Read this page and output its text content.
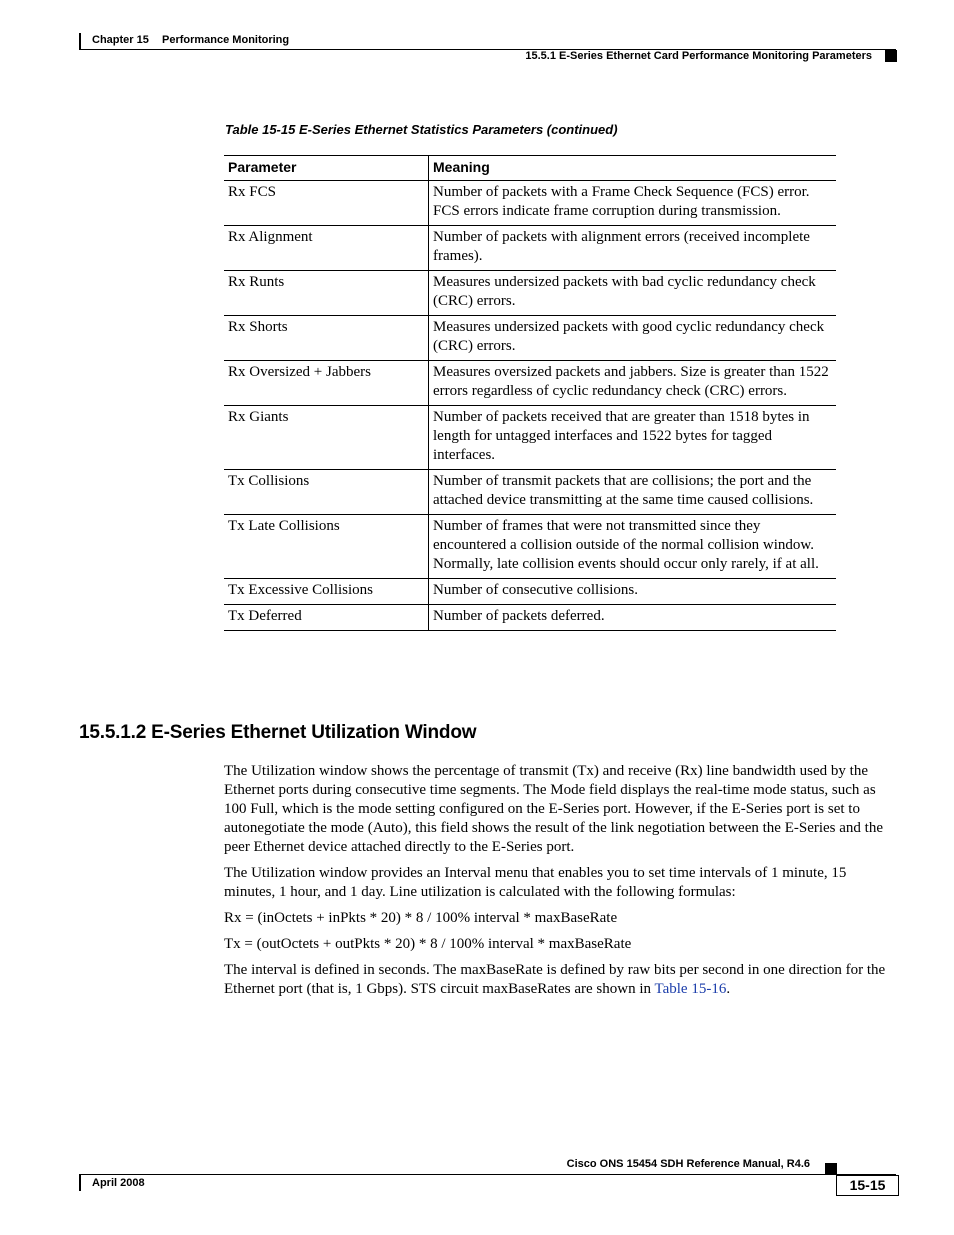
Chapter 15 Performance Monitoring
15.5.1 E-Series Ethernet Card Performance Monitoring Parameters
Table 15-15 E-Series Ethernet Statistics Parameters (continued)
Parameter	Meaning
Rx FCS	Number of packets with a Frame Check Sequence (FCS) error. FCS errors indicate frame corruption during transmission.
Rx Alignment	Number of packets with alignment errors (received incomplete frames).
Rx Runts	Measures undersized packets with bad cyclic redundancy check (CRC) errors.
Rx Shorts	Measures undersized packets with good cyclic redundancy check (CRC) errors.
Rx Oversized + Jabbers	Measures oversized packets and jabbers. Size is greater than 1522 errors regardless of cyclic redundancy check (CRC) errors.
Rx Giants	Number of packets received that are greater than 1518 bytes in length for untagged interfaces and 1522 bytes for tagged interfaces.
Tx Collisions	Number of transmit packets that are collisions; the port and the attached device transmitting at the same time caused collisions.
Tx Late Collisions	Number of frames that were not transmitted since they encountered a collision outside of the normal collision window. Normally, late collision events should occur only rarely, if at all.
Tx Excessive Collisions	Number of consecutive collisions.
Tx Deferred	Number of packets deferred.
15.5.1.2 E-Series Ethernet Utilization Window

The Utilization window shows the percentage of transmit (Tx) and receive (Rx) line bandwidth used by the Ethernet ports during consecutive time segments. The Mode field displays the real-time mode status, such as 100 Full, which is the mode setting configured on the E-Series port. However, if the E-Series port is set to autonegotiate the mode (Auto), this field shows the result of the link negotiation between the E-Series and the peer Ethernet device attached directly to the E-Series port.

The Utilization window provides an Interval menu that enables you to set time intervals of 1 minute, 15 minutes, 1 hour, and 1 day. Line utilization is calculated with the following formulas:

Rx = (inOctets + inPkts * 20) * 8 / 100% interval * maxBaseRate

Tx = (outOctets + outPkts * 20) * 8 / 100% interval * maxBaseRate

The interval is defined in seconds. The maxBaseRate is defined by raw bits per second in one direction for the Ethernet port (that is, 1 Gbps). STS circuit maxBaseRates are shown in Table 15-16.

Cisco ONS 15454 SDH Reference Manual, R4.6
April 2008	15-15
